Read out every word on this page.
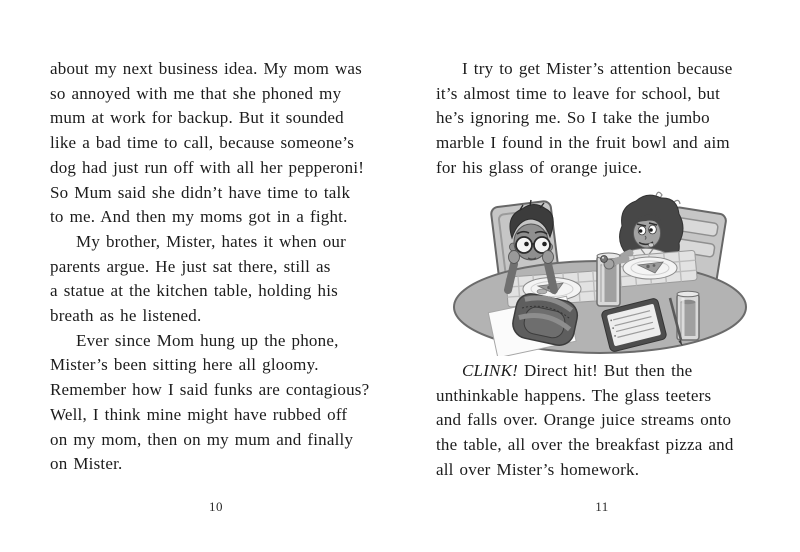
about my next business idea. My mom was
so annoyed with me that she phoned my
mum at work for backup. But it sounded
like a bad time to call, because someone’s
dog had just run off with all her pepperoni!
So Mum said she didn’t have time to talk
to me. And then my moms got in a fight.
My brother, Mister, hates it when our
parents argue. He just sat there, still as
a statue at the kitchen table, holding his
breath as he listened.
Ever since Mom hung up the phone,
Mister’s been sitting here all gloomy.
Remember how I said funks are contagious?
Well, I think mine might have rubbed off
on my mom, then on my mum and finally
on Mister.
I try to get Mister’s attention because
it’s almost time to leave for school, but
he’s ignoring me. So I take the jumbo
marble I found in the fruit bowl and aim
for his glass of orange juice.
CLINK! Direct hit! But then the
unthinkable happens. The glass teeters
and falls over. Orange juice streams onto
the table, all over the breakfast pizza and
all over Mister’s homework.
10	11
